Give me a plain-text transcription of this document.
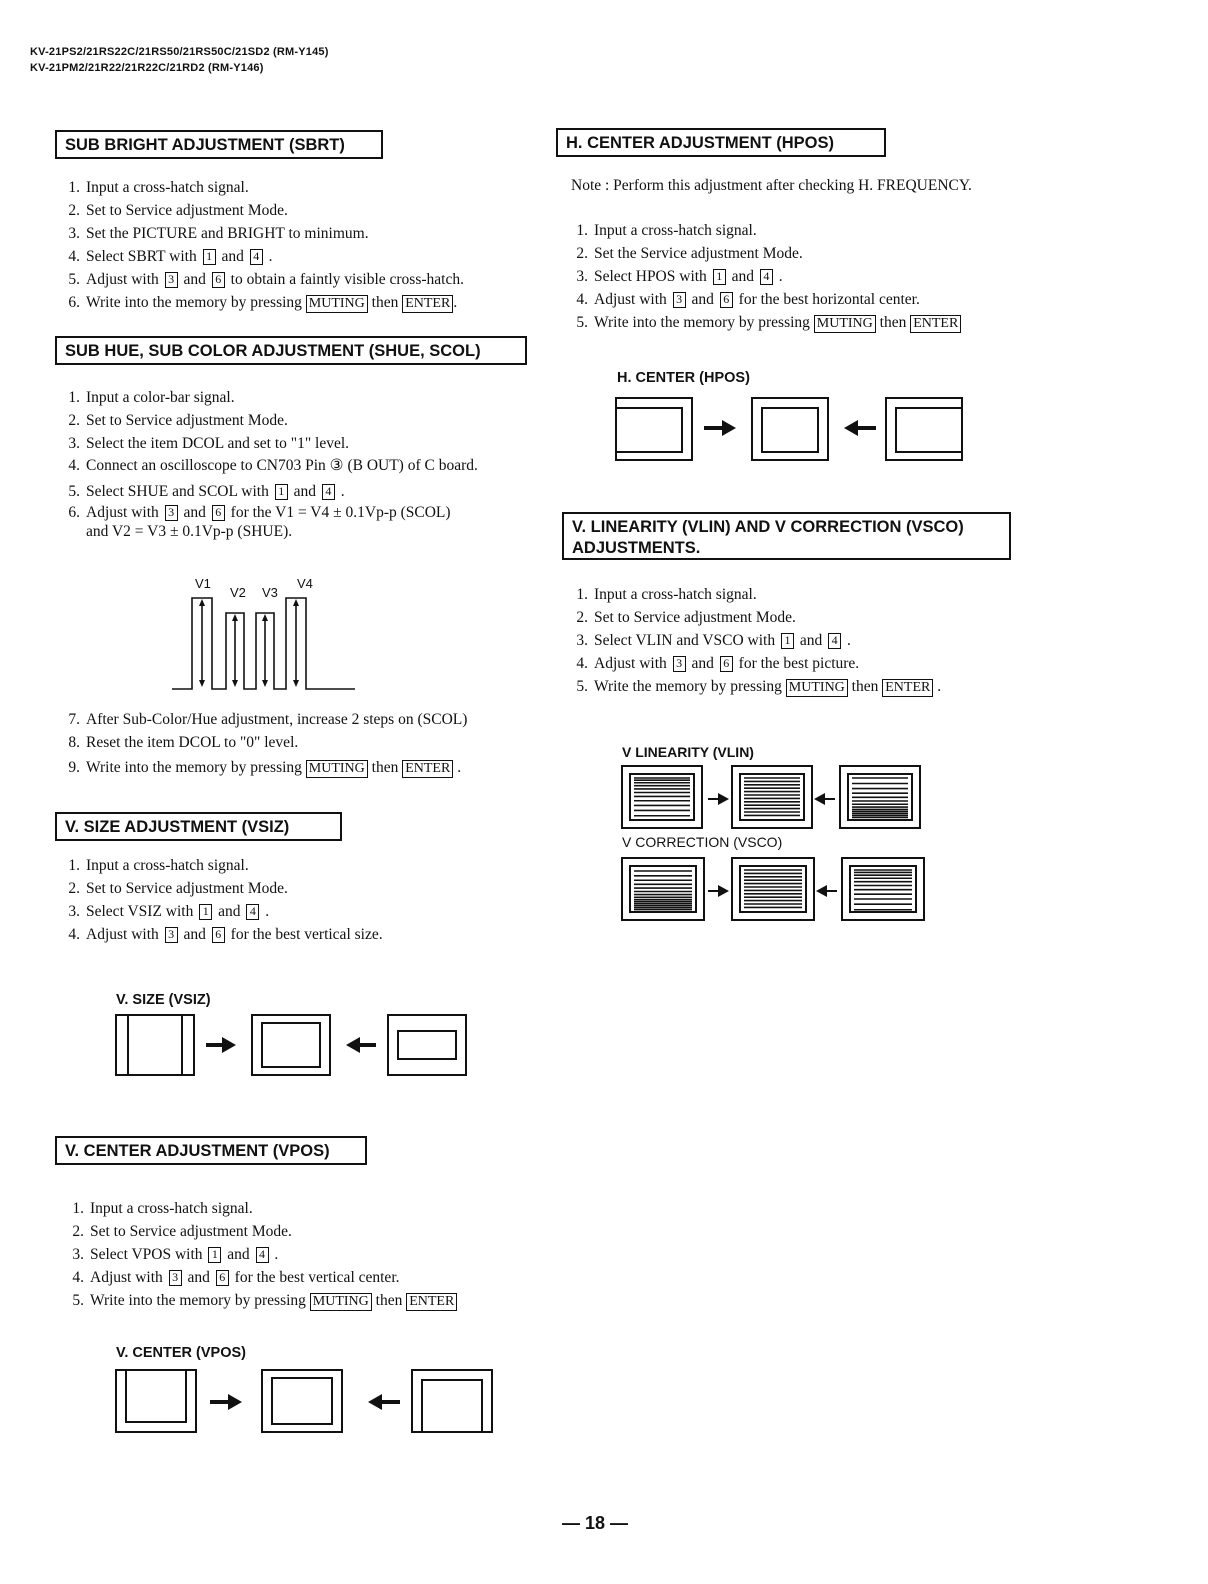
KV-21PS2/21RS22C/21RS50/21RS50C/21SD2 (RM-Y145)
KV-21PM2/21R22/21R22C/21RD2 (RM-Y146)
SUB BRIGHT ADJUSTMENT (SBRT)
1. Input a cross-hatch signal.
2. Set to Service adjustment Mode.
3. Set the PICTURE and BRIGHT to minimum.
4. Select SBRT with 1 and 4 .
5. Adjust with 3 and 6 to obtain a faintly visible cross-hatch.
6. Write into the memory by pressing MUTING then ENTER .
SUB HUE, SUB COLOR ADJUSTMENT (SHUE, SCOL)
1. Input a color-bar signal.
2. Set to Service adjustment Mode.
3. Select the item DCOL and set to "1" level.
4. Connect an oscilloscope to CN703 Pin ③ (B OUT) of C board.
5. Select SHUE and SCOL with 1 and 4 .
6. Adjust with 3 and 6 for the V1 = V4 ± 0.1Vp-p (SCOL)
and V2 = V3 ± 0.1Vp-p (SHUE).
V1
V2 V3
V4
7. After Sub-Color/Hue adjustment, increase 2 steps on (SCOL)
8. Reset the item DCOL to "0" level.
9. Write into the memory by pressing MUTING then ENTER .
V. SIZE ADJUSTMENT (VSIZ)
1. Input a cross-hatch signal.
2. Set to Service adjustment Mode.
3. Select VSIZ with 1 and 4 .
4. Adjust with 3 and 6 for the best vertical size.
V. SIZE (VSIZ)
V. CENTER ADJUSTMENT (VPOS)
1. Input a cross-hatch signal.
2. Set to Service adjustment Mode.
3. Select VPOS with 1 and 4 .
4. Adjust with 3 and 6 for the best vertical center.
5. Write into the memory by pressing MUTING then ENTER
V. CENTER (VPOS)
H. CENTER ADJUSTMENT (HPOS)
Note : Perform this adjustment after checking H. FREQUENCY.
1. Input a cross-hatch signal.
2. Set the Service adjustment Mode.
3. Select HPOS with 1 and 4 .
4. Adjust with 3 and 6 for the best horizontal center.
5. Write into the memory by pressing MUTING then ENTER
H. CENTER (HPOS)
V. LINEARITY (VLIN) AND V CORRECTION (VSCO)
ADJUSTMENTS.
1. Input a cross-hatch signal.
2. Set to Service adjustment Mode.
3. Select VLIN and VSCO with 1 and 4 .
4. Adjust with 3 and 6 for the best picture.
5. Write the memory by pressing MUTING then ENTER .
V LINEARITY (VLIN)
V CORRECTION (VSCO)
— 18 —
